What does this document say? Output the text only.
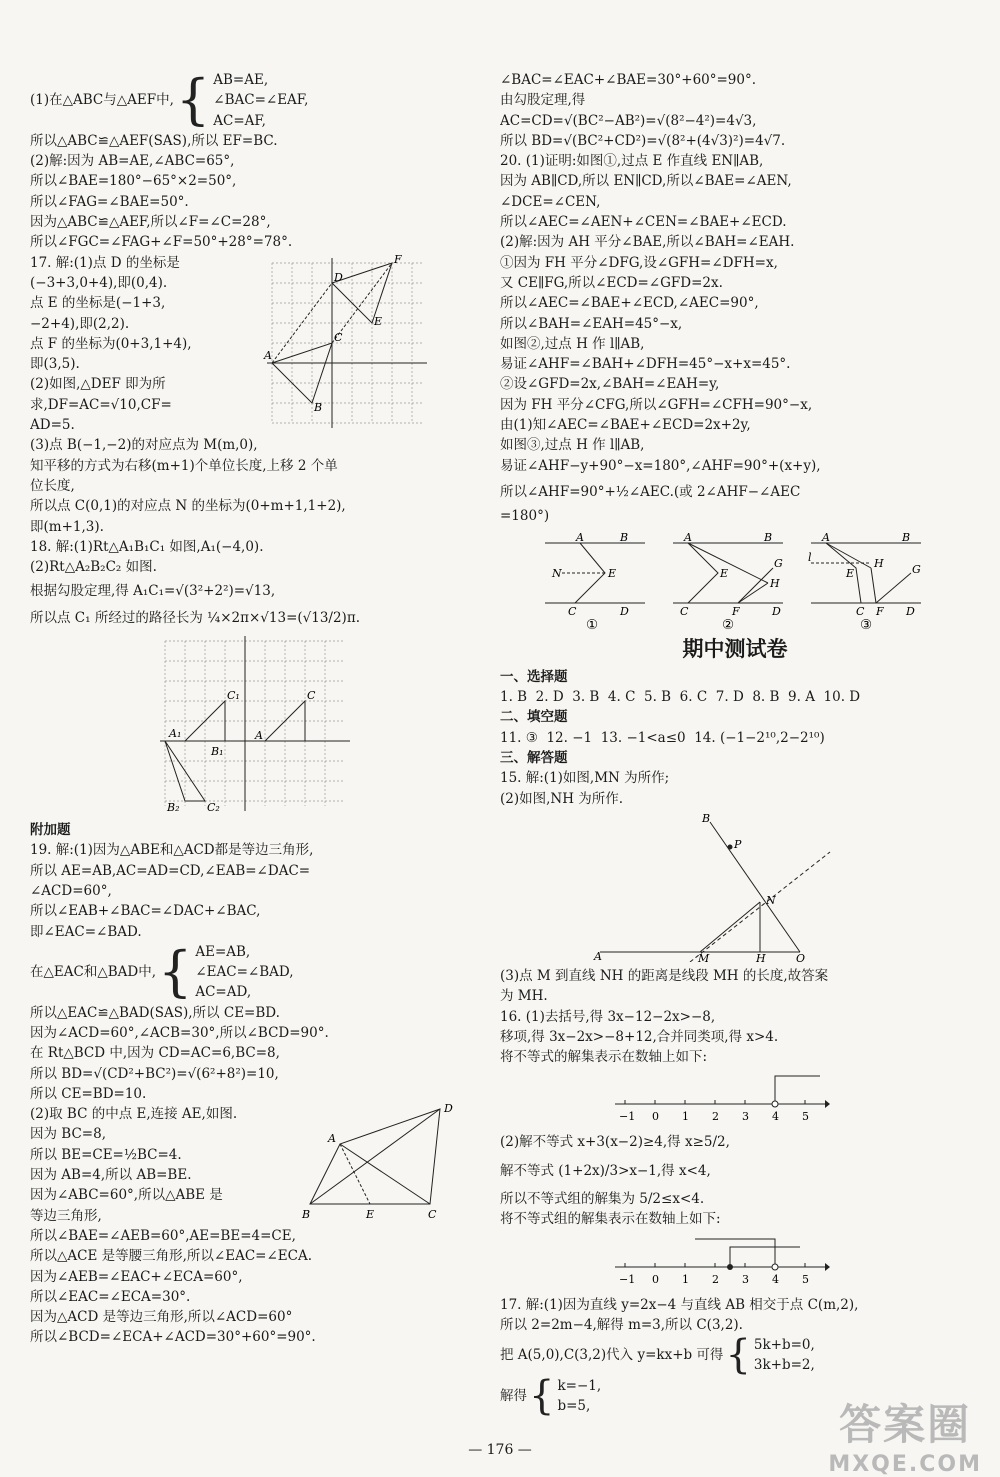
(1)在△ABC与△AEF中, { AB=AE,
∠BAC=∠EAF,
AC=AF,
所以△ABC≌△AEF(SAS),所以 EF=BC.
(2)解:因为 AB=AE,∠ABC=65°,
所以∠BAE=180°−65°×2=50°,
所以∠FAG=∠BAE=50°.
因为△ABC≌△AEF,所以∠F=∠C=28°,
所以∠FGC=∠FAG+∠F=50°+28°=78°.
17. 解:(1)点 D 的坐标是
(−3+3,0+4),即(0,4).
点 E 的坐标是(−1+3,
−2+4),即(2,2).
点 F 的坐标为(0+3,1+4),
即(3,5).
(2)如图,△DEF 即为所
求,DF=AC=√10,CF=
AD=5.
D
F
E
C
A
B
(3)点 B(−1,−2)的对应点为 M(m,0),
知平移的方式为右移(m+1)个单位长度,上移 2 个单
位长度,
所以点 C(0,1)的对应点 N 的坐标为(0+m+1,1+2),
即(m+1,3).
18. 解:(1)Rt△A₁B₁C₁ 如图,A₁(−4,0).
(2)Rt△A₂B₂C₂ 如图.
根据勾股定理,得 A₁C₁=√(3²+2²)=√13,
所以点 C₁ 所经过的路径长为 ¼×2π×√13=(√13/2)π.
C
A
C₁
A₁
B₁
B₂	C₂
附加题
19. 解:(1)因为△ABE和△ACD都是等边三角形,
所以 AE=AB,AC=AD=CD,∠EAB=∠DAC=
∠ACD=60°,
所以∠EAB+∠BAC=∠DAC+∠BAC,
即∠EAC=∠BAD.
在△EAC和△BAD中, { AE=AB,
∠EAC=∠BAD,
AC=AD,
所以△EAC≌△BAD(SAS),所以 CE=BD.
因为∠ACD=60°,∠ACB=30°,所以∠BCD=90°.
在 Rt△BCD 中,因为 CD=AC=6,BC=8,
所以 BD=√(CD²+BC²)=√(6²+8²)=10,
所以 CE=BD=10.
(2)取 BC 的中点 E,连接 AE,如图.
因为 BC=8,
所以 BE=CE=½BC=4.
因为 AB=4,所以 AB=BE.
因为∠ABC=60°,所以△ABE 是
等边三角形,
A
D
B	E	C
所以∠BAE=∠AEB=60°,AE=BE=4=CE,
所以△ACE 是等腰三角形,所以∠EAC=∠ECA.
因为∠AEB=∠EAC+∠ECA=60°,
所以∠EAC=∠ECA=30°.
因为△ACD 是等边三角形,所以∠ACD=60°
所以∠BCD=∠ECA+∠ACD=30°+60°=90°.
∠BAC=∠EAC+∠BAE=30°+60°=90°.
由勾股定理,得
AC=CD=√(BC²−AB²)=√(8²−4²)=4√3,
所以 BD=√(BC²+CD²)=√(8²+(4√3)²)=4√7.
20. (1)证明:如图①,过点 E 作直线 EN∥AB,
因为 AB∥CD,所以 EN∥CD,所以∠BAE=∠AEN,
∠DCE=∠CEN,
所以∠AEC=∠AEN+∠CEN=∠BAE+∠ECD.
(2)解:因为 AH 平分∠BAE,所以∠BAH=∠EAH.
①因为 FH 平分∠DFG,设∠GFH=∠DFH=x,
又 CE∥FG,所以∠ECD=∠GFD=2x.
所以∠AEC=∠BAE+∠ECD,∠AEC=90°,
所以∠BAH=∠EAH=45°−x,
如图②,过点 H 作 l∥AB,
易证∠AHF=∠BAH+∠DFH=45°−x+x=45°.
②设∠GFD=2x,∠BAH=∠EAH=y,
因为 FH 平分∠CFG,所以∠GFH=∠CFH=90°−x,
由(1)知∠AEC=∠BAE+∠ECD=2x+2y,
如图③,过点 H 作 l∥AB,
易证∠AHF−y+90°−x=180°,∠AHF=90°+(x+y),
所以∠AHF=90°+½∠AEC.(或 2∠AHF−∠AEC
=180°)
A	B
N	E
C	D
①
A	B
E
G
H
C	F	D
②
A	B
l	H
E	G
C F D
③
期中测试卷
一、选择题
1. B  2. D  3. B  4. C  5. B  6. C  7. D  8. B  9. A  10. D
二、填空题
11. ③  12. −1  13. −1<a≤0  14. (−1−2¹⁰,2−2¹⁰)
三、解答题
15. 解:(1)如图,MN 为所作;
(2)如图,NH 为所作.
B
P
N
A	M	H	O
(3)点 M 到直线 NH 的距离是线段 MH 的长度,故答案
为 MH.
16. (1)去括号,得 3x−12−2x>−8,
移项,得 3x−2x>−8+12,合并同类项,得 x>4.
将不等式的解集表示在数轴上如下:
−1 0 1 2 3 4 5
(2)解不等式 x+3(x−2)≥4,得 x≥5/2,
解不等式 (1+2x)/3>x−1,得 x<4,
所以不等式组的解集为 5/2≤x<4.
将不等式组的解集表示在数轴上如下:
−1 0 1 2 3 4 5
17. 解:(1)因为直线 y=2x−4 与直线 AB 相交于点 C(m,2),
所以 2=2m−4,解得 m=3,所以 C(3,2).
把 A(5,0),C(3,2)代入 y=kx+b 可得 { 5k+b=0,
3k+b=2,
解得 { k=−1,
b=5,
— 176 —
答案圈
MXQE.COM
